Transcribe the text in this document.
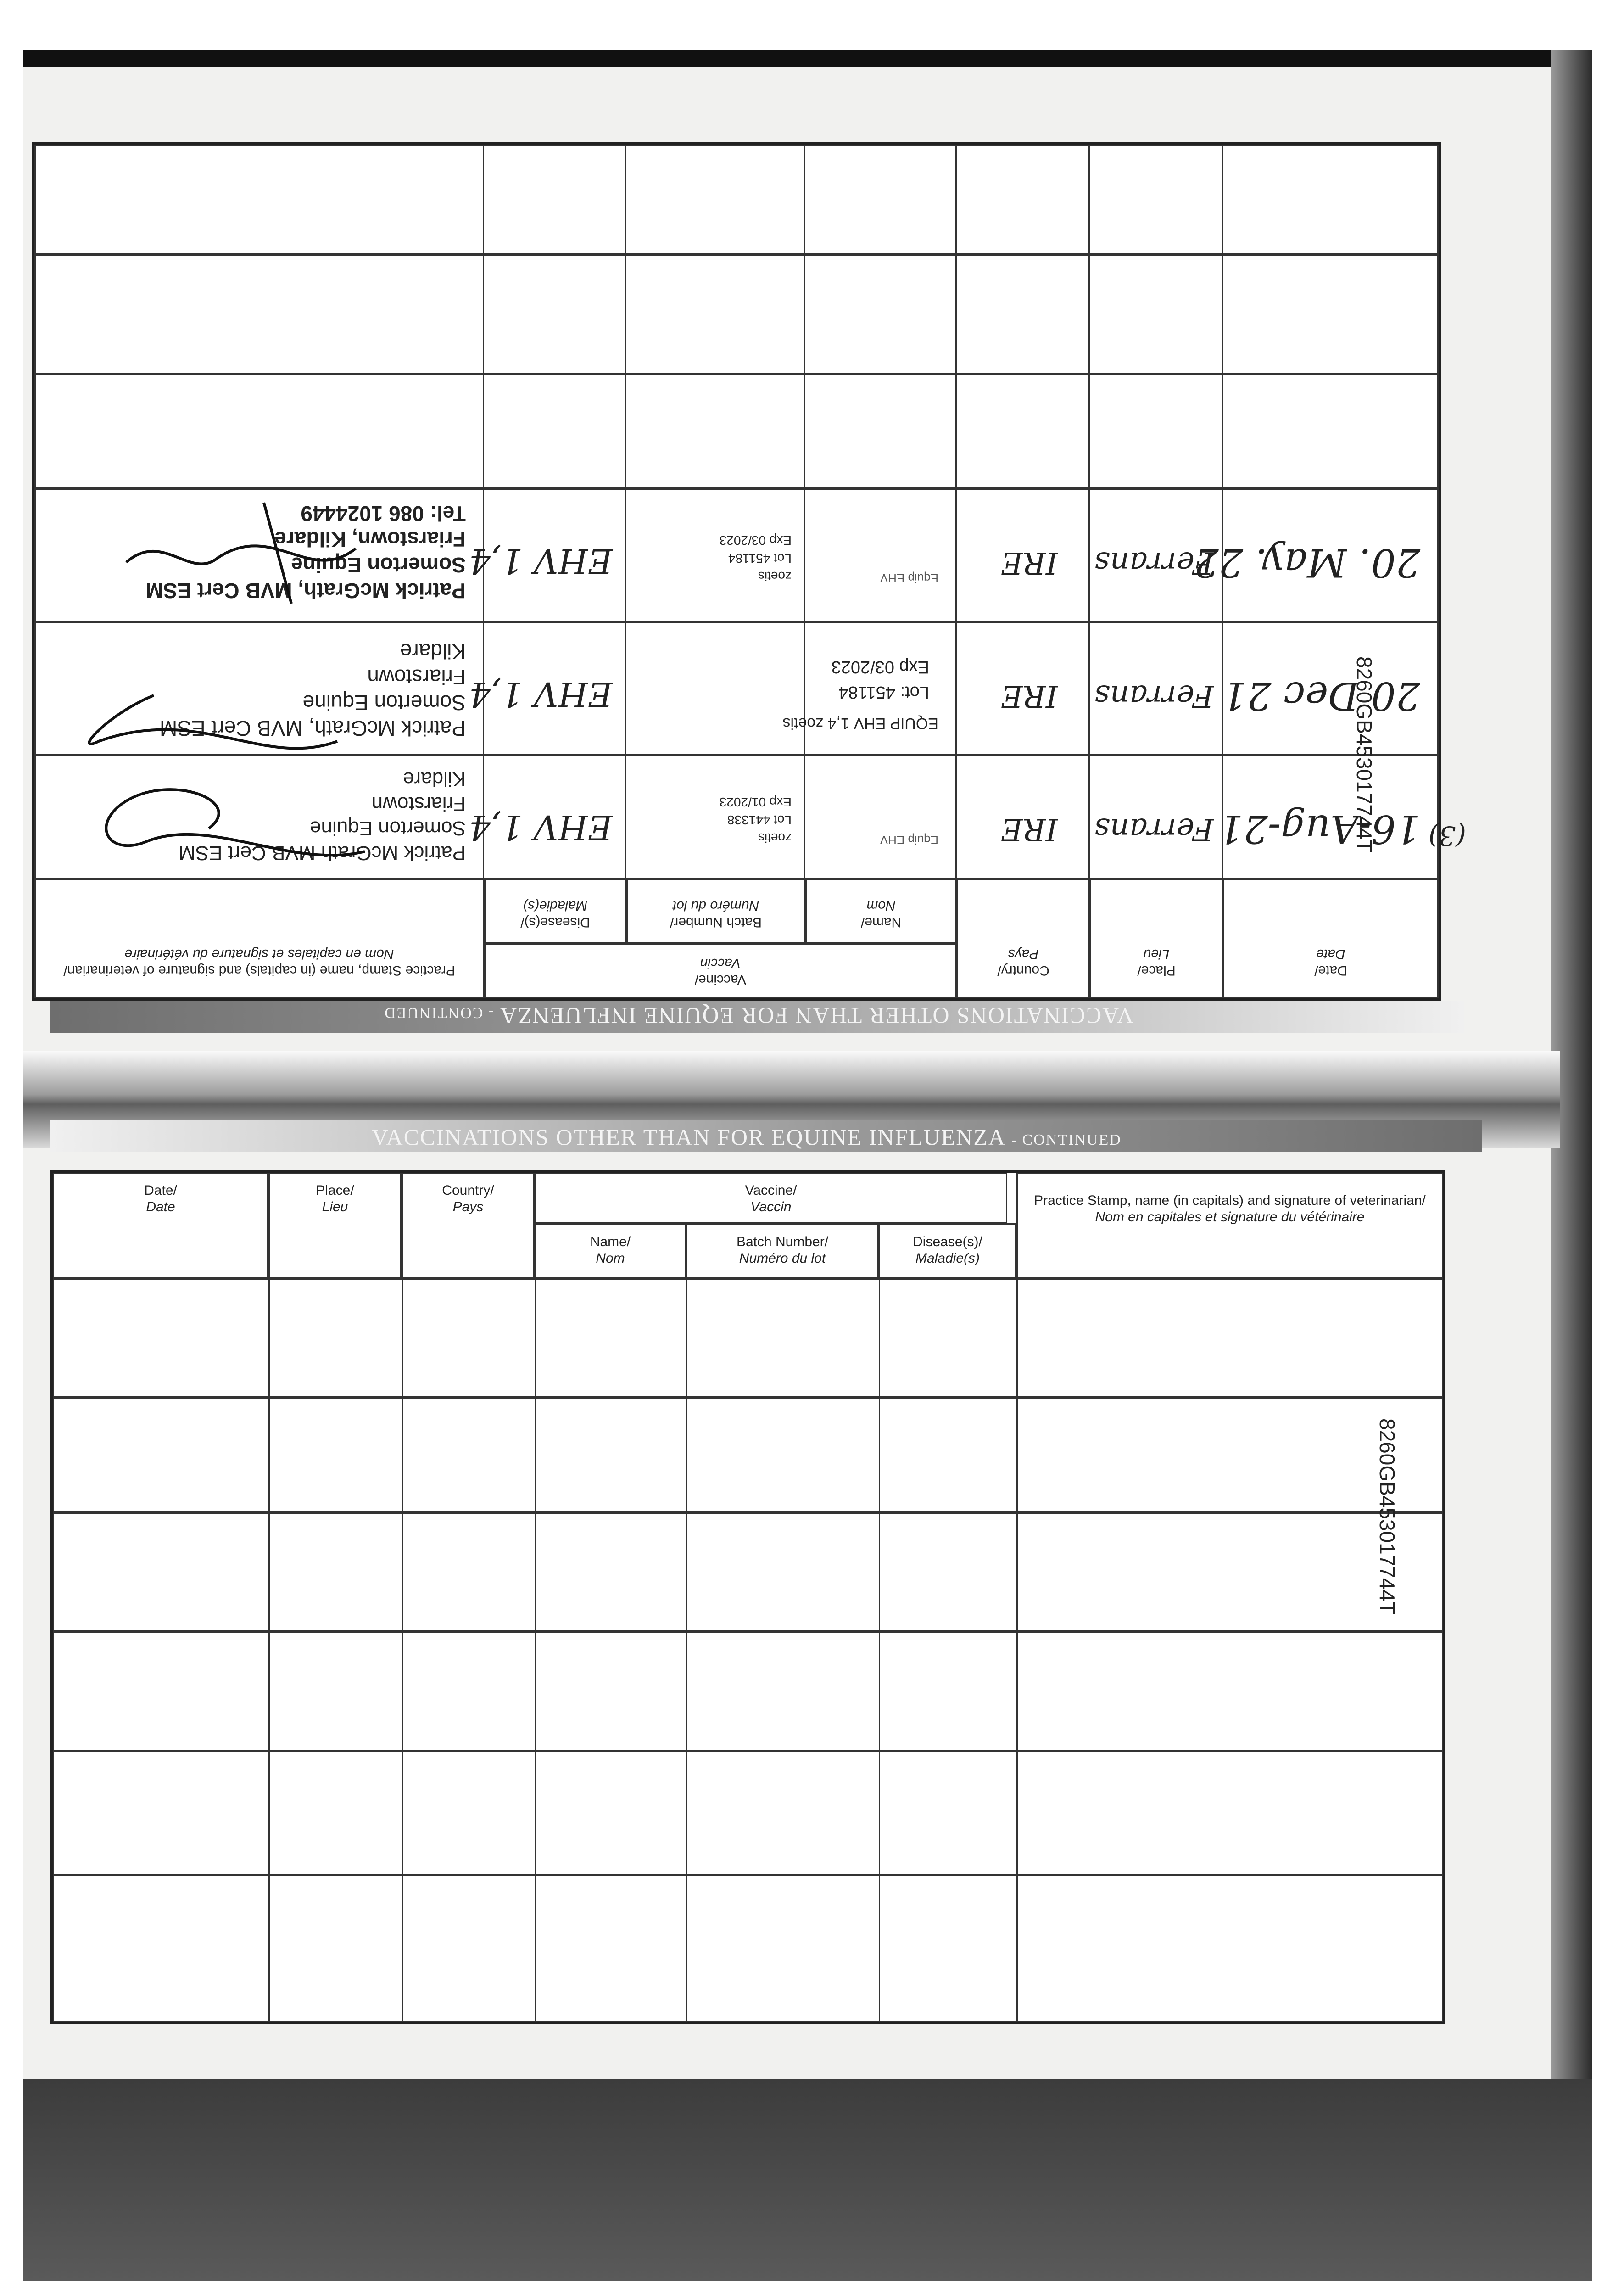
Date/
Date
Place/
Lieu
Country/
Pays
Vaccine/
Vaccin
Name/
Nom
Batch Number/
Numéro du lot
Disease(s)/
Maladie(s)
Practice Stamp, name (in capitals) and signature of veterinarian/
Nom en capitales et signature du vétérinaire
(3)
16-Aug-21
Ferrans
IRE
Equip EHV
zoetis
Lot 441338
Exp 01/2023
EHV 1,4
Patrick McGrath MVB Cert ESM
Somerton Equine
Friarstown
Kildare
20 Dec 21
Ferrans
IRE
EQUIP EHV 1,4 zoetis
Lot: 451184
Exp 03/2023
EHV 1,4
Patrick McGrath, MVB Cert ESM
Somerton Equine
Friarstown
Kildare
20. May. 22
Ferrans
IRE
Equip EHV
zoetis
Lot 451184
Exp 03/2023
EHV 1,4
Patrick McGrath, MVB Cert ESM
Somerton Equine
Friarstown, Kildare
Tel: 086 1024449
VACCINATIONS OTHER THAN FOR EQUINE INFLUENZA - CONTINUED
8260GB453017744T
VACCINATIONS OTHER THAN FOR EQUINE INFLUENZA - CONTINUED
Date/
Date
Place/
Lieu
Country/
Pays
Vaccine/
Vaccin
Name/
Nom
Batch Number/
Numéro du lot
Disease(s)/
Maladie(s)
Practice Stamp, name (in capitals) and signature of veterinarian/
Nom en capitales et signature du vétérinaire
8260GB453017744T
